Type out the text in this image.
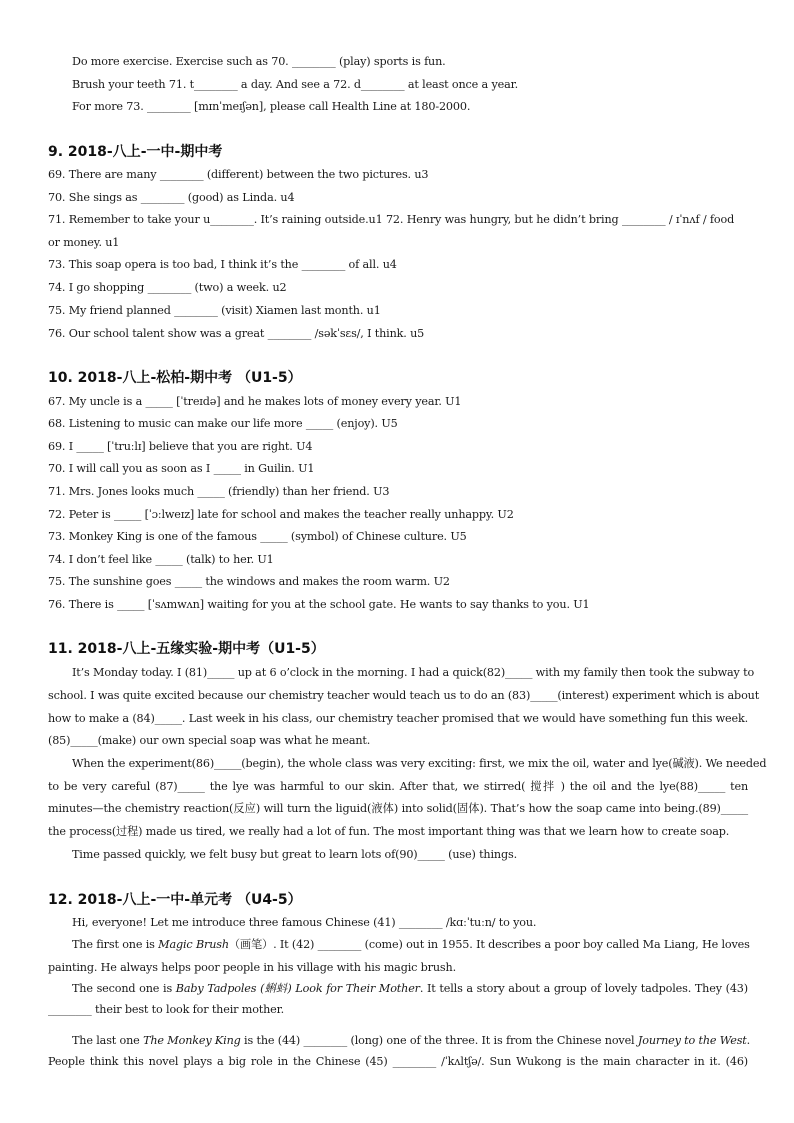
Do more exercise. Exercise such as 70. ________ (play) sports is fun.
Brush your teeth 71. t________ a day. And see a 72. d________ at least once a year.
For more 73. ________ [mɪnˈmeɪʃən], please call Health Line at 180-2000.
9. 2018-八上-一中-期中考
69. There are many ________ (different) between the two pictures. u3
70. She sings as ________ (good) as Linda. u4
71. Remember to take your u________. It’s raining outside.u1 72. Henry was hungry, but he didn’t bring ________ / ɪˈnʌf / food
or money. u1
73. This soap opera is too bad, I think it’s the ________ of all. u4
74. I go shopping ________ (two) a week. u2
75. My friend planned ________ (visit) Xiamen last month. u1
76. Our school talent show was a great ________ /səkˈsɛs/, I think. u5
10. 2018-八上-松柏-期中考 （U1-5）
67. My uncle is a _____ [ˈtreɪdə] and he makes lots of money every year. U1
68. Listening to music can make our life more _____ (enjoy). U5
69. I _____ [ˈtruːlɪ] believe that you are right. U4
70. I will call you as soon as I _____ in Guilin. U1
71. Mrs. Jones looks much _____ (friendly) than her friend. U3
72. Peter is _____ [ˈɔːlweɪz] late for school and makes the teacher really unhappy. U2
73. Monkey King is one of the famous _____ (symbol) of Chinese culture. U5
74. I don’t feel like _____ (talk) to her. U1
75. The sunshine goes _____ the windows and makes the room warm. U2
76. There is _____ [ˈsʌmwʌn] waiting for you at the school gate. He wants to say thanks to you. U1
11. 2018-八上-五缘实验-期中考（U1-5）
It’s Monday today. I (81)_____ up at 6 o’clock in the morning. I had a quick(82)_____ with my family then took the subway to
school. I was quite excited because our chemistry teacher would teach us to do an (83)_____(interest) experiment which is about
how to make a (84)_____. Last week in his class, our chemistry teacher promised that we would have something fun this week.
(85)_____(make) our own special soap was what he meant.
When the experiment(86)_____(begin), the whole class was very exciting: first, we mix the oil, water and lye(碱液). We needed
to be very careful (87)_____ the lye was harmful to our skin. After that, we stirred( 搅拌 ) the oil and the lye(88)_____ ten
minutes—the chemistry reaction(反应) will turn the liguid(液体) into solid(固体). That’s how the soap came into being.(89)_____
the process(过程) made us tired, we really had a lot of fun. The most important thing was that we learn how to create soap.
Time passed quickly, we felt busy but great to learn lots of(90)_____ (use) things.
12. 2018-八上-一中-单元考 （U4-5）
Hi, everyone! Let me introduce three famous Chinese (41) ________ /kɑːˈtuːn/ to you.
The first one is Magic Brush（画笔）. It (42) ________ (come) out in 1955. It describes a poor boy called Ma Liang, He loves
painting. He always helps poor people in his village with his magic brush.
The second one is Baby Tadpoles (蝌蚪) Look for Their Mother. It tells a story about a group of lovely tadpoles. They (43)
________ their best to look for their mother.
The last one The Monkey King is the (44) ________ (long) one of the three. It is from the Chinese novel Journey to the West.
People think this novel plays a big role in the Chinese (45) ________ /ˈkʌltʃə/. Sun Wukong is the main character in it. (46)
